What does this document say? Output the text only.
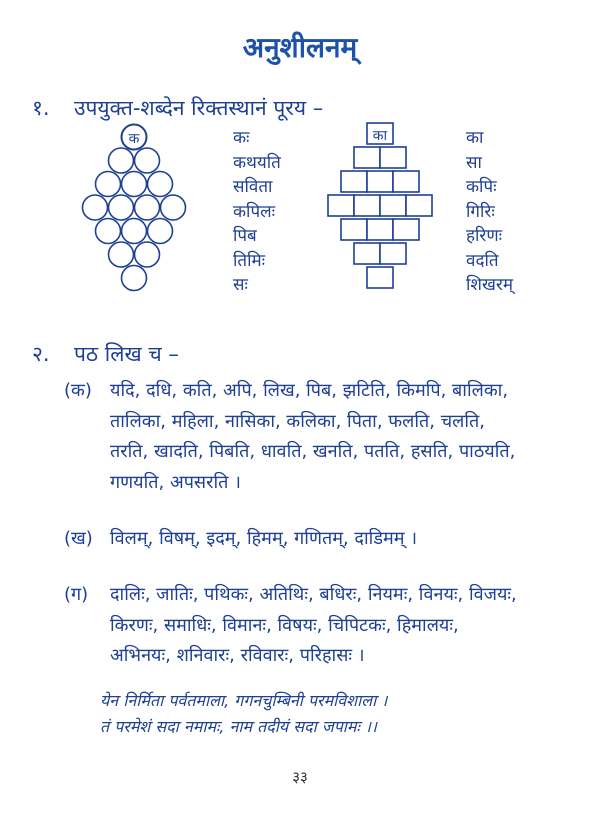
अनुशीलनम्
१. उपयुक्त-शब्देन रिक्तस्थानं पूरय –
क	कः
कथयति
सविता
कपिलः
पिब
तिमिः
सः
का	का
सा
कपिः
गिरिः
हरिणः
वदति
शिखरम्
२. पठ लिख च –
(क) यदि, दधि, कति, अपि, लिख, पिब, झटिति, किमपि, बालिका,
तालिका, महिला, नासिका, कलिका, पिता, फलति, चलति,
तरति, खादति, पिबति, धावति, खनति, पतति, हसति, पाठयति,
गणयति, अपसरति ।
(ख) विलम्, विषम्, इदम्, हिमम्, गणितम्, दाडिमम् ।
(ग) दालिः, जातिः, पथिकः, अतिथिः, बधिरः, नियमः, विनयः, विजयः,
किरणः, समाधिः, विमानः, विषयः, चिपिटकः, हिमालयः,
अभिनयः, शनिवारः, रविवारः, परिहासः ।
येन निर्मिता पर्वतमाला, गगनचुम्बिनी परमविशाला ।
तं परमेशं सदा नमामः, नाम तदीयं सदा जपामः ।।
३३
